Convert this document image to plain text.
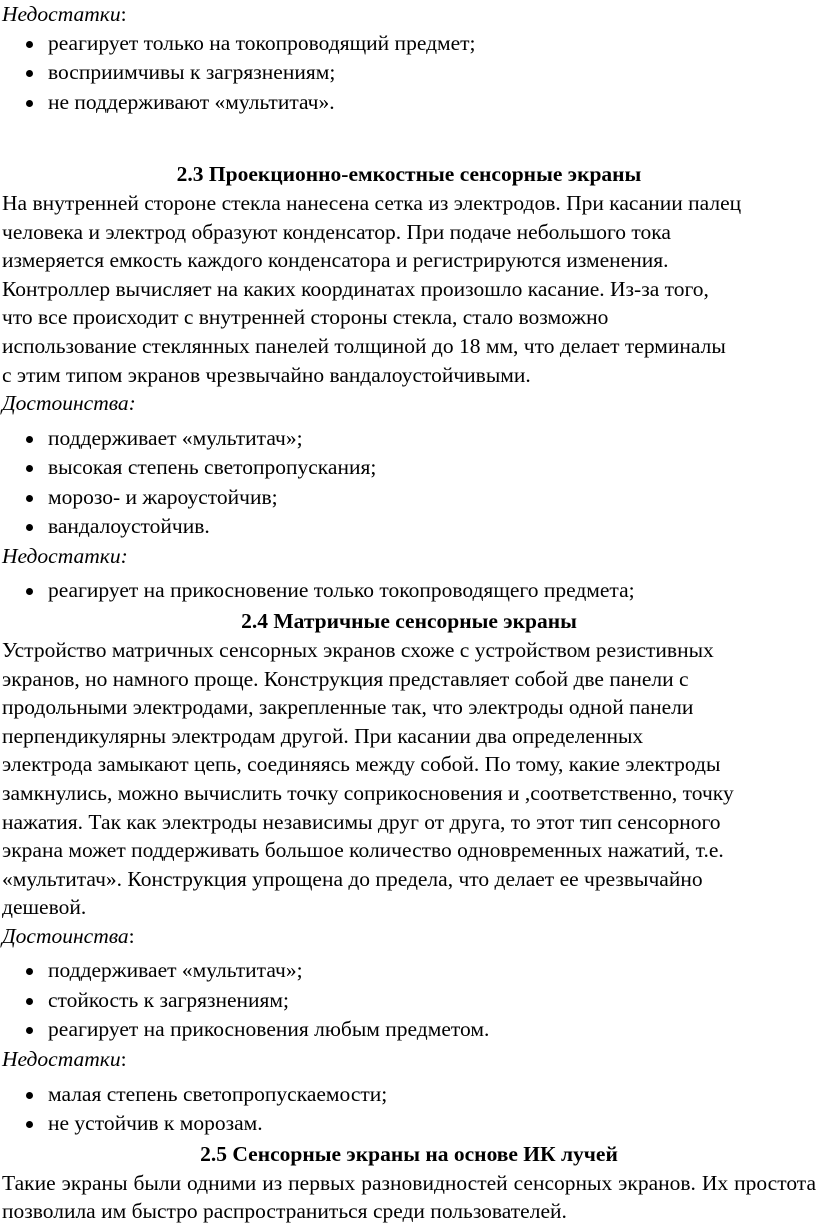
Недостатки:
реагирует только на токопроводящий предмет;
восприимчивы к загрязнениям;
не поддерживают «мультитач».
2.3 Проекционно-емкостные сенсорные экраны

На внутренней стороне стекла нанесена сетка из электродов. При касании палец
человека и электрод образуют конденсатор. При подаче небольшого тока
измеряется емкость каждого конденсатора и регистрируются изменения.
Контроллер вычисляет на каких координатах произошло касание. Из-за того,
что все происходит с внутренней стороны стекла, стало возможно
использование стеклянных панелей толщиной до 18 мм, что делает терминалы
с этим типом экранов чрезвычайно вандалоустойчивыми.

Достоинства:
поддерживает «мультитач»;
высокая степень светопропускания;
морозо- и жароустойчив;
вандалоустойчив.
Недостатки:
реагирует на прикосновение только токопроводящего предмета;
2.4 Матричные сенсорные экраны

Устройство матричных сенсорных экранов схоже с устройством резистивных
экранов, но намного проще. Конструкция представляет собой две панели с
продольными электродами, закрепленные так, что электроды одной панели
перпендикулярны электродам другой. При касании два определенных
электрода замыкают цепь, соединяясь между собой. По тому, какие электроды
замкнулись, можно вычислить точку соприкосновения и ,соответственно, точку
нажатия. Так как электроды независимы друг от друга, то этот тип сенсорного
экрана может поддерживать большое количество одновременных нажатий, т.е.
«мультитач». Конструкция упрощена до предела, что делает ее чрезвычайно
дешевой.

Достоинства:
поддерживает «мультитач»;
стойкость к загрязнениям;
реагирует на прикосновения любым предметом.
Недостатки:
малая степень светопропускаемости;
не устойчив к морозам.
2.5 Сенсорные экраны на основе ИК лучей

Такие экраны были одними из первых разновидностей сенсорных экранов. Их простота позволила им быстро распространиться среди пользователей.
